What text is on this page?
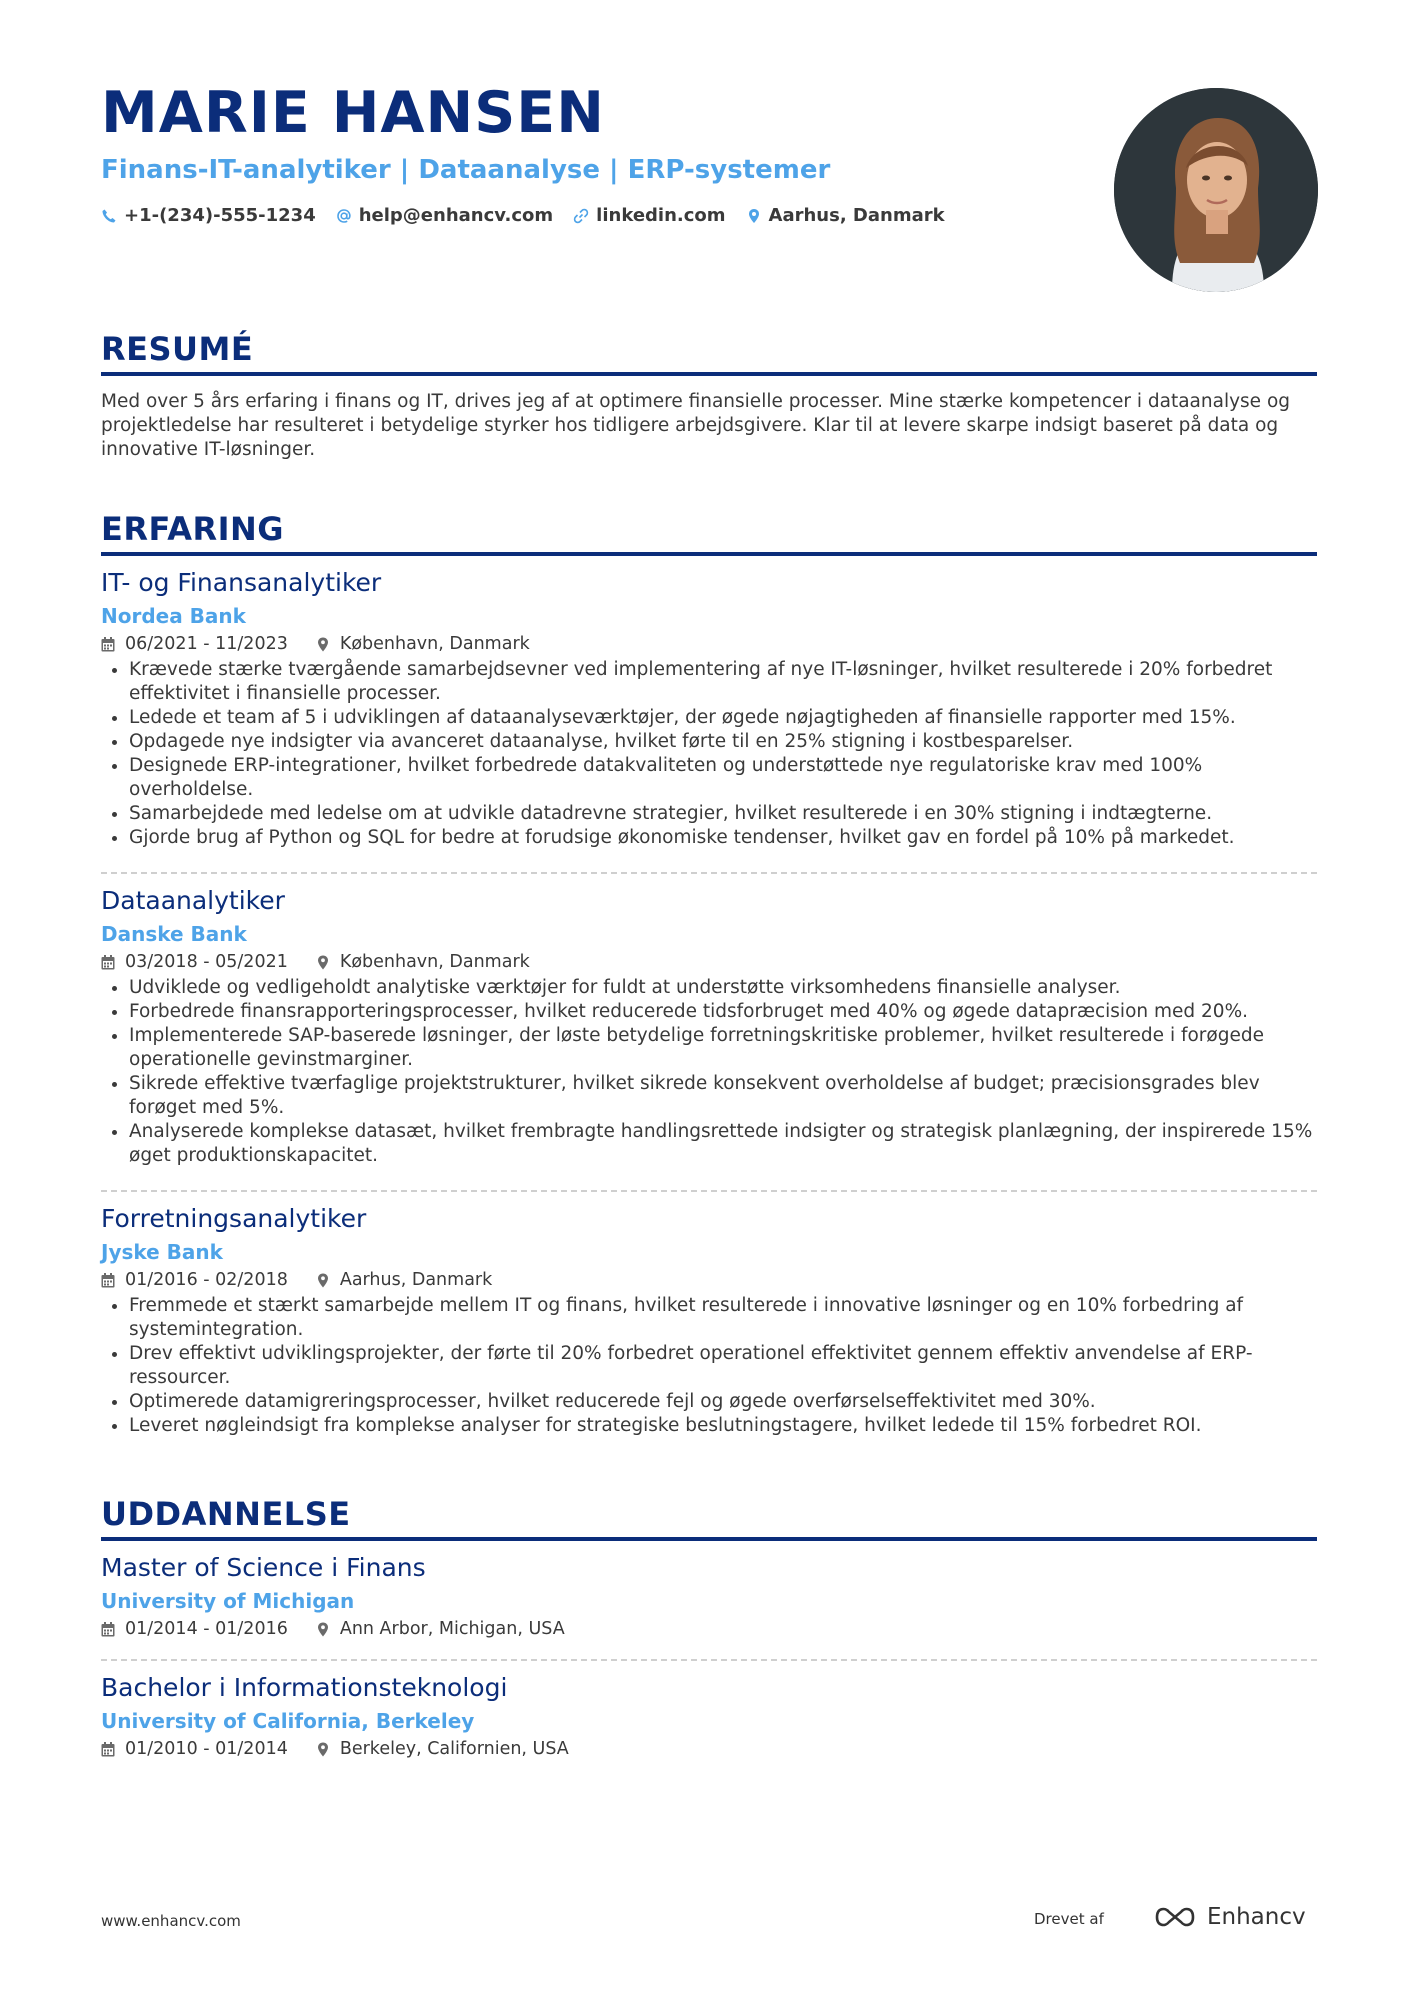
MARIE HANSEN
Finans-IT-analytiker | Dataanalyse | ERP-systemer
+1-(234)-555-1234 help@enhancv.com linkedin.com Aarhus, Danmark
RESUMÉ
Med over 5 års erfaring i finans og IT, drives jeg af at optimere finansielle processer. Mine stærke kompetencer i dataanalyse og projektledelse har resulteret i betydelige styrker hos tidligere arbejdsgivere. Klar til at levere skarpe indsigt baseret på data og innovative IT-løsninger.
ERFARING
IT- og Finansanalytiker
Nordea Bank
06/2021 - 11/2023	København, Danmark
• Krævede stærke tværgående samarbejdsevner ved implementering af nye IT-løsninger, hvilket resulterede i 20% forbedret effektivitet i finansielle processer.
• Ledede et team af 5 i udviklingen af dataanalyseværktøjer, der øgede nøjagtigheden af finansielle rapporter med 15%.
• Opdagede nye indsigter via avanceret dataanalyse, hvilket førte til en 25% stigning i kostbesparelser.
• Designede ERP-integrationer, hvilket forbedrede datakvaliteten og understøttede nye regulatoriske krav med 100% overholdelse.
• Samarbejdede med ledelse om at udvikle datadrevne strategier, hvilket resulterede i en 30% stigning i indtægterne.
• Gjorde brug af Python og SQL for bedre at forudsige økonomiske tendenser, hvilket gav en fordel på 10% på markedet.
Dataanalytiker
Danske Bank
03/2018 - 05/2021	København, Danmark
• Udviklede og vedligeholdt analytiske værktøjer for fuldt at understøtte virksomhedens finansielle analyser.
• Forbedrede finansrapporteringsprocesser, hvilket reducerede tidsforbruget med 40% og øgede datapræcision med 20%.
• Implementerede SAP-baserede løsninger, der løste betydelige forretningskritiske problemer, hvilket resulterede i forøgede operationelle gevinstmarginer.
• Sikrede effektive tværfaglige projektstrukturer, hvilket sikrede konsekvent overholdelse af budget; præcisionsgrades blev forøget med 5%.
• Analyserede komplekse datasæt, hvilket frembragte handlingsrettede indsigter og strategisk planlægning, der inspirerede 15% øget produktionskapacitet.
Forretningsanalytiker
Jyske Bank
01/2016 - 02/2018	Aarhus, Danmark
• Fremmede et stærkt samarbejde mellem IT og finans, hvilket resulterede i innovative løsninger og en 10% forbedring af systemintegration.
• Drev effektivt udviklingsprojekter, der førte til 20% forbedret operationel effektivitet gennem effektiv anvendelse af ERP-ressourcer.
• Optimerede datamigreringsprocesser, hvilket reducerede fejl og øgede overførselseffektivitet med 30%.
• Leveret nøgleindsigt fra komplekse analyser for strategiske beslutningstagere, hvilket ledede til 15% forbedret ROI.
UDDANNELSE
Master of Science i Finans
University of Michigan
01/2014 - 01/2016	Ann Arbor, Michigan, USA
Bachelor i Informationsteknologi
University of California, Berkeley
01/2010 - 01/2014	Berkeley, Californien, USA
www.enhancv.com	Drevet af	Enhancv
